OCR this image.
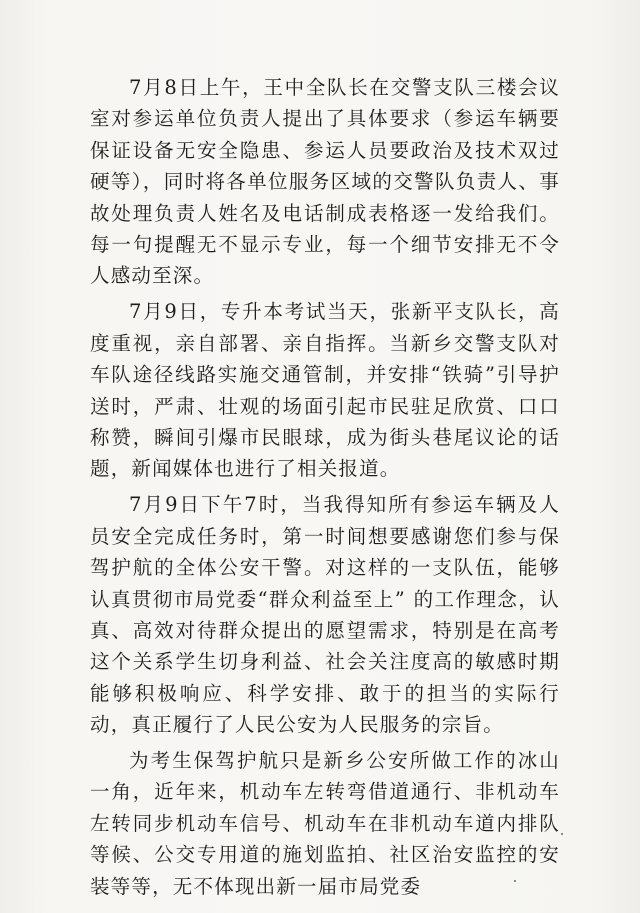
7月8日上午，王中全队长在交警支队三楼会议室对参运单位负责人提出了具体要求（参运车辆要保证设备无安全隐患、参运人员要政治及技术双过硬等），同时将各单位服务区域的交警队负责人、事故处理负责人姓名及电话制成表格逐一发给我们。每一句提醒无不显示专业，每一个细节安排无不令人感动至深。

7月9日，专升本考试当天，张新平支队长，高度重视，亲自部署、亲自指挥。当新乡交警支队对车队途径线路实施交通管制，并安排“铁骑”引导护送时，严肃、壮观的场面引起市民驻足欣赏、口口称赞，瞬间引爆市民眼球，成为街头巷尾议论的话题，新闻媒体也进行了相关报道。

7月9日下午7时，当我得知所有参运车辆及人员安全完成任务时，第一时间想要感谢您们参与保驾护航的全体公安干警。对这样的一支队伍，能够认真贯彻市局党委“群众利益至上” 的工作理念，认真、高效对待群众提出的愿望需求，特别是在高考这个关系学生切身利益、社会关注度高的敏感时期能够积极响应、科学安排、敢于的担当的实际行动，真正履行了人民公安为人民服务的宗旨。

为考生保驾护航只是新乡公安所做工作的冰山一角，近年来，机动车左转弯借道通行、非机动车左转同步机动车信号、机动车在非机动车道内排队等候、公交专用道的施划监拍、社区治安监控的安装等等，无不体现出新一届市局党委
